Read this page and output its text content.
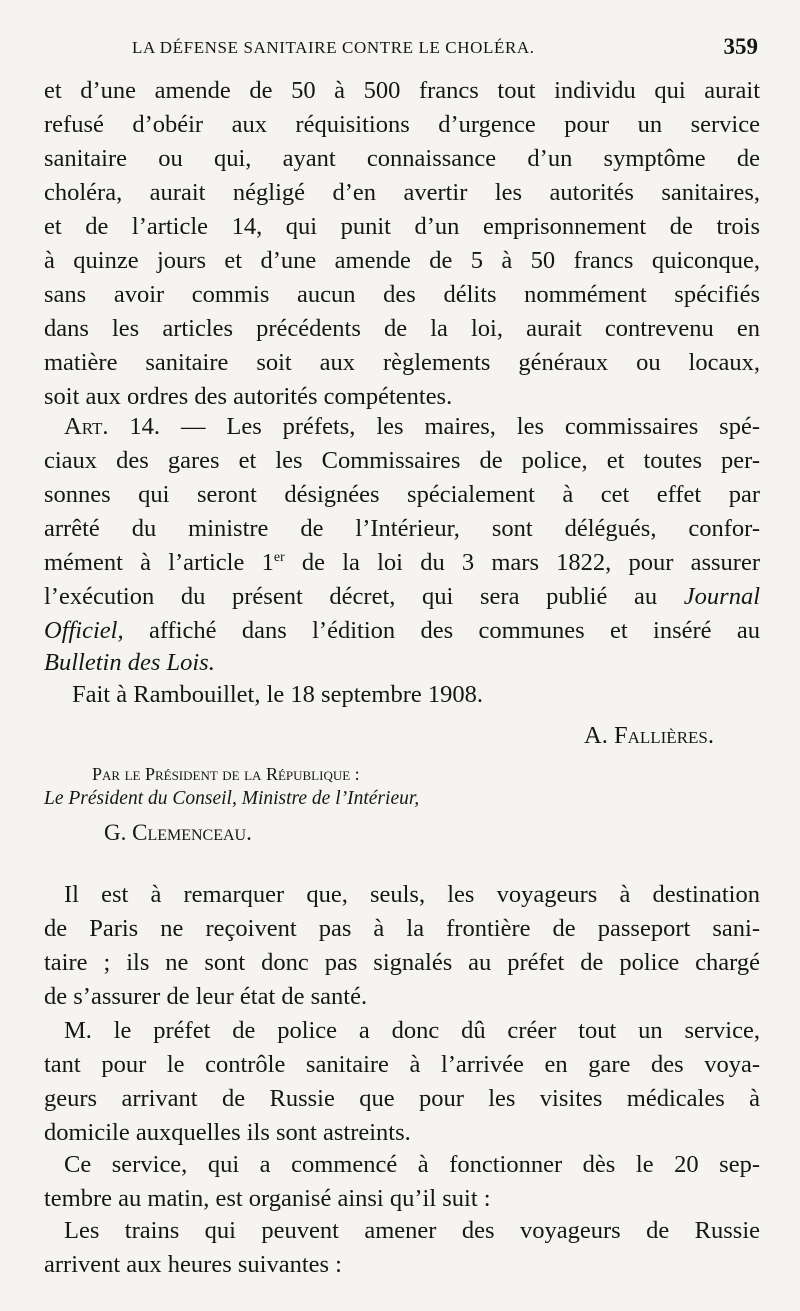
LA DÉFENSE SANITAIRE CONTRE LE CHOLÉRA.	359
et d’une amende de 50 à 500 francs tout individu qui aurait
refusé d’obéir aux réquisitions d’urgence pour un service
sanitaire ou qui, ayant connaissance d’un symptôme de
choléra, aurait négligé d’en avertir les autorités sanitaires,
et de l’article 14, qui punit d’un emprisonnement de trois
à quinze jours et d’une amende de 5 à 50 francs quiconque,
sans avoir commis aucun des délits nommément spécifiés
dans les articles précédents de la loi, aurait contrevenu en
matière sanitaire soit aux règlements généraux ou locaux,
soit aux ordres des autorités compétentes.
Art. 14. — Les préfets, les maires, les commissaires spé-
ciaux des gares et les Commissaires de police, et toutes per-
sonnes qui seront désignées spécialement à cet effet par
arrêté du ministre de l’Intérieur, sont délégués, confor-
mément à l’article 1er de la loi du 3 mars 1822, pour assurer
l’exécution du présent décret, qui sera publié au Journal
Officiel, affiché dans l’édition des communes et inséré au
Bulletin des Lois.
Fait à Rambouillet, le 18 septembre 1908.
A. Fallières.
Par le Président de la République :
Le Président du Conseil, Ministre de l’Intérieur,
G. Clemenceau.
Il est à remarquer que, seuls, les voyageurs à destination
de Paris ne reçoivent pas à la frontière de passeport sani-
taire ; ils ne sont donc pas signalés au préfet de police chargé
de s’assurer de leur état de santé.
M. le préfet de police a donc dû créer tout un service,
tant pour le contrôle sanitaire à l’arrivée en gare des voya-
geurs arrivant de Russie que pour les visites médicales à
domicile auxquelles ils sont astreints.
Ce service, qui a commencé à fonctionner dès le 20 sep-
tembre au matin, est organisé ainsi qu’il suit :
Les trains qui peuvent amener des voyageurs de Russie
arrivent aux heures suivantes :
